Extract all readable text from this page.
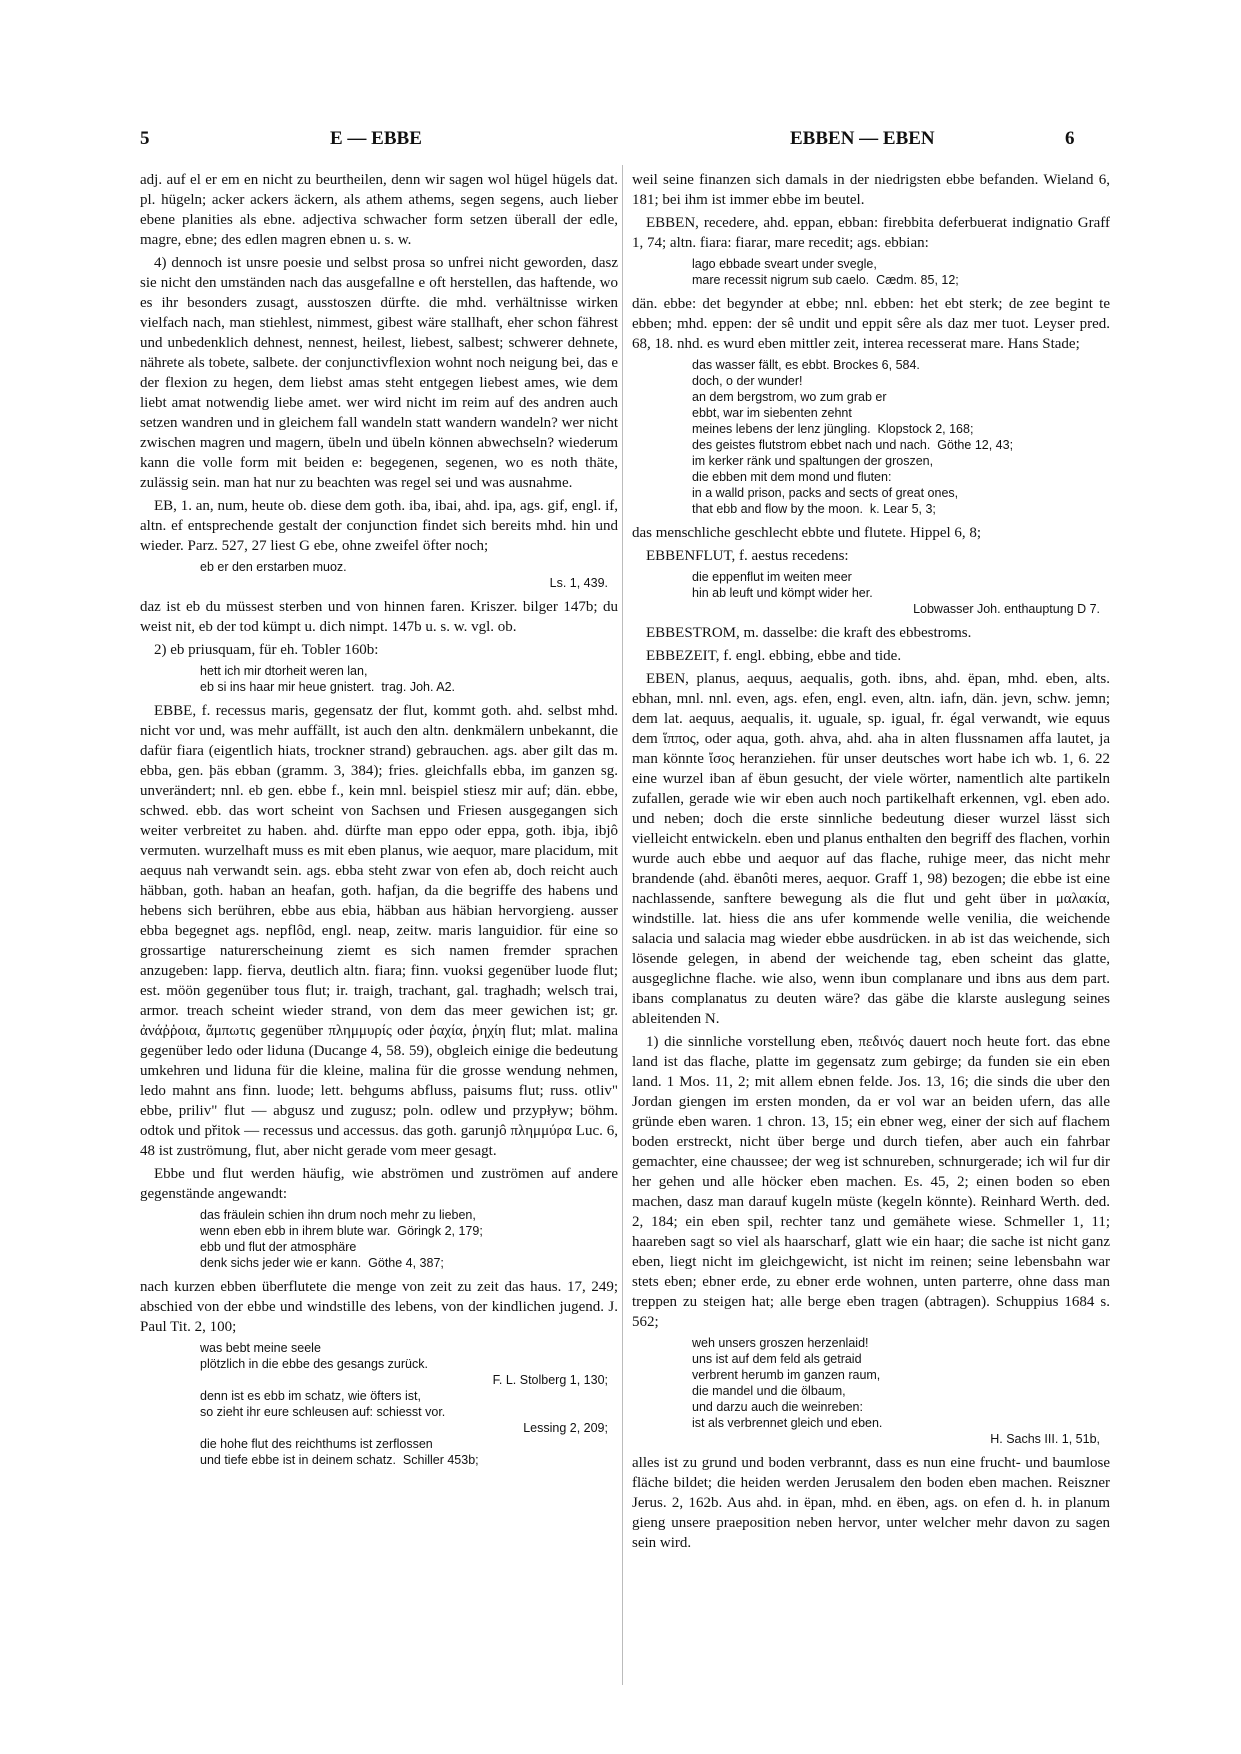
5	E — EBBE	EBBEN — EBEN	6

adj. auf el er em en nicht zu beurtheilen, denn wir sagen wol hügel hügels dat. pl. hügeln; acker ackers äckern, als athem athems, segen segens, auch lieber ebene planities als ebne. adjectiva schwacher form setzen überall der edle, magre, ebne; des edlen magren ebnen u. s. w.

4) dennoch ist unsre poesie und selbst prosa so unfrei nicht geworden, dasz sie nicht den umständen nach das ausgefallne e oft herstellen, das haftende, wo es ihr besonders zusagt, ausstoszen dürfte. die mhd. verhältnisse wirken vielfach nach, man stiehlest, nimmest, gibest wäre stallhaft, eher schon fährest und unbedenklich dehnest, nennest, heilest, liebest, salbest; schwerer dehnete, nährete als tobete, salbete. der conjunctivflexion wohnt noch neigung bei, das e der flexion zu hegen, dem liebst amas steht entgegen liebest ames, wie dem liebt amat notwendig liebe amet. wer wird nicht im reim auf des andren auch setzen wandren und in gleichem fall wandeln statt wandern wandeln? wer nicht zwischen magren und magern, übeln und übeln können abwechseln? wiederum kann die volle form mit beiden e: begegenen, segenen, wo es noth thäte, zulässig sein. man hat nur zu beachten was regel sei und was ausnahme.

EB, 1. an, num, heute ob. diese dem goth. iba, ibai, ahd. ipa, ags. gif, engl. if, altn. ef entsprechende gestalt der conjunction findet sich bereits mhd. hin und wieder. Parz. 527, 27 liest G ebe, ohne zweifel öfter noch;

eb er den erstarben muoz.
Ls. 1, 439.

daz ist eb du müssest sterben und von hinnen faren. Kriszer. bilger 147b; du weist nit, eb der tod kümpt u. dich nimpt. 147b u. s. w. vgl. ob.

2) eb priusquam, für eh. Tobler 160b:

hett ich mir dtorheit weren lan,
eb si ins haar mir heue gnistert.  trag. Joh. A2.

EBBE, f. recessus maris, gegensatz der flut, kommt goth. ahd. selbst mhd. nicht vor und, was mehr auffällt, ist auch den altn. denkmälern unbekannt, die dafür fiara (eigentlich hiats, trockner strand) gebrauchen. ags. aber gilt das m. ebba, gen. þäs ebban (gramm. 3, 384); fries. gleichfalls ebba, im ganzen sg. unverändert; nnl. eb gen. ebbe f., kein mnl. beispiel stiesz mir auf; dän. ebbe, schwed. ebb. das wort scheint von Sachsen und Friesen ausgegangen sich weiter verbreitet zu haben. ahd. dürfte man eppo oder eppa, goth. ibja, ibjô vermuten. wurzelhaft muss es mit eben planus, wie aequor, mare placidum, mit aequus nah verwandt sein. ags. ebba steht zwar von efen ab, doch reicht auch häbban, goth. haban an heafan, goth. hafjan, da die begriffe des habens und hebens sich berühren, ebbe aus ebia, häbban aus häbian hervorgieng. ausser ebba begegnet ags. nepflôd, engl. neap, zeitw. maris languidior. für eine so grossartige naturerscheinung ziemt es sich namen fremder sprachen anzugeben: lapp. fierva, deutlich altn. fiara; finn. vuoksi gegenüber luode flut; est. möön gegenüber tous flut; ir. traigh, trachant, gal. traghadh; welsch trai, armor. treach scheint wieder strand, von dem das meer gewichen ist; gr. ἀνάῤῥοια, ἄμπωτις gegenüber πλημμυρίς oder ῥαχία, ῥηχίη flut; mlat. malina gegenüber ledo oder liduna (Ducange 4, 58. 59), obgleich einige die bedeutung umkehren und liduna für die kleine, malina für die grosse wendung nehmen, ledo mahnt ans finn. luode; lett. behgums abfluss, paisums flut; russ. otliv" ebbe, priliv" flut — abgusz und zugusz; poln. odlew und przypływ; böhm. odtok und přitok — recessus und accessus. das goth. garunjô πλημμύρα Luc. 6, 48 ist zuströmung, flut, aber nicht gerade vom meer gesagt.

Ebbe und flut werden häufig, wie abströmen und zuströmen auf andere gegenstände angewandt:

das fräulein schien ihn drum noch mehr zu lieben,
wenn eben ebb in ihrem blute war.  Göringk 2, 179;
ebb und flut der atmosphäre
denk sichs jeder wie er kann.  Göthe 4, 387;

nach kurzen ebben überflutete die menge von zeit zu zeit das haus. 17, 249; abschied von der ebbe und windstille des lebens, von der kindlichen jugend. J. Paul Tit. 2, 100;

was bebt meine seele
plötzlich in die ebbe des gesangs zurück.
F. L. Stolberg 1, 130;
denn ist es ebb im schatz, wie öfters ist,
so zieht ihr eure schleusen auf: schiesst vor.
Lessing 2, 209;
die hohe flut des reichthums ist zerflossen
und tiefe ebbe ist in deinem schatz.  Schiller 453b;

weil seine finanzen sich damals in der niedrigsten ebbe befanden. Wieland 6, 181; bei ihm ist immer ebbe im beutel.

EBBEN, recedere, ahd. eppan, ebban: firebbita deferbuerat indignatio Graff 1, 74; altn. fiara: fiarar, mare recedit; ags. ebbian:

lago ebbade sveart under svegle,
mare recessit nigrum sub caelo.  Cædm. 85, 12;

dän. ebbe: det begynder at ebbe; nnl. ebben: het ebt sterk; de zee begint te ebben; mhd. eppen: der sê undit und eppit sêre als daz mer tuot. Leyser pred. 68, 18. nhd. es wurd eben mittler zeit, interea recesserat mare. Hans Stade;

das wasser fällt, es ebbt. Brockes 6, 584.
doch, o der wunder!
an dem bergstrom, wo zum grab er
ebbt, war im siebenten zehnt
meines lebens der lenz jüngling.  Klopstock 2, 168;
des geistes flutstrom ebbet nach und nach.  Göthe 12, 43;
im kerker ränk und spaltungen der groszen,
die ebben mit dem mond und fluten:
in a walld prison, packs and sects of great ones,
that ebb and flow by the moon.  k. Lear 5, 3;

das menschliche geschlecht ebbte und flutete. Hippel 6, 8;

EBBENFLUT, f. aestus recedens:

die eppenflut im weiten meer
hin ab leuft und kömpt wider her.
Lobwasser Joh. enthauptung D 7.

EBBESTROM, m. dasselbe: die kraft des ebbestroms.

EBBEZEIT, f. engl. ebbing, ebbe and tide.

EBEN, planus, aequus, aequalis, goth. ibns, ahd. ëpan, mhd. eben, alts. ebhan, mnl. nnl. even, ags. efen, engl. even, altn. iafn, dän. jevn, schw. jemn; dem lat. aequus, aequalis, it. uguale, sp. igual, fr. égal verwandt, wie equus dem ἵππος, oder aqua, goth. ahva, ahd. aha in alten flussnamen affa lautet, ja man könnte ἴσος heranziehen. für unser deutsches wort habe ich wb. 1, 6. 22 eine wurzel iban af ëbun gesucht, der viele wörter, namentlich alte partikeln zufallen, gerade wie wir eben auch noch partikelhaft erkennen, vgl. eben ado. und neben; doch die erste sinnliche bedeutung dieser wurzel lässt sich vielleicht entwickeln. eben und planus enthalten den begriff des flachen, vorhin wurde auch ebbe und aequor auf das flache, ruhige meer, das nicht mehr brandende (ahd. ëbanôti meres, aequor. Graff 1, 98) bezogen; die ebbe ist eine nachlassende, sanftere bewegung als die flut und geht über in μαλακία, windstille. lat. hiess die ans ufer kommende welle venilia, die weichende salacia und salacia mag wieder ebbe ausdrücken. in ab ist das weichende, sich lösende gelegen, in abend der weichende tag, eben scheint das glatte, ausgeglichne flache. wie also, wenn ibun complanare und ibns aus dem part. ibans complanatus zu deuten wäre? das gäbe die klarste auslegung seines ableitenden N.

1) die sinnliche vorstellung eben, πεδινός dauert noch heute fort. das ebne land ist das flache, platte im gegensatz zum gebirge; da funden sie ein eben land. 1 Mos. 11, 2; mit allem ebnen felde. Jos. 13, 16; die sinds die uber den Jordan giengen im ersten monden, da er vol war an beiden ufern, das alle gründe eben waren. 1 chron. 13, 15; ein ebner weg, einer der sich auf flachem boden erstreckt, nicht über berge und durch tiefen, aber auch ein fahrbar gemachter, eine chaussee; der weg ist schnureben, schnurgerade; ich wil fur dir her gehen und alle höcker eben machen. Es. 45, 2; einen boden so eben machen, dasz man darauf kugeln müste (kegeln könnte). Reinhard Werth. ded. 2, 184; ein eben spil, rechter tanz und gemähete wiese. Schmeller 1, 11; haareben sagt so viel als haarscharf, glatt wie ein haar; die sache ist nicht ganz eben, liegt nicht im gleichgewicht, ist nicht im reinen; seine lebensbahn war stets eben; ebner erde, zu ebner erde wohnen, unten parterre, ohne dass man treppen zu steigen hat; alle berge eben tragen (abtragen). Schuppius 1684 s. 562;

weh unsers groszen herzenlaid!
uns ist auf dem feld als getraid
verbrent herumb im ganzen raum,
die mandel und die ölbaum,
und darzu auch die weinreben:
ist als verbrennet gleich und eben.
H. Sachs III. 1, 51b,

alles ist zu grund und boden verbrannt, dass es nun eine frucht- und baumlose fläche bildet; die heiden werden Jerusalem den boden eben machen. Reiszner Jerus. 2, 162b. Aus ahd. in ëpan, mhd. en ëben, ags. on efen d. h. in planum gieng unsere praeposition neben hervor, unter welcher mehr davon zu sagen sein wird.
